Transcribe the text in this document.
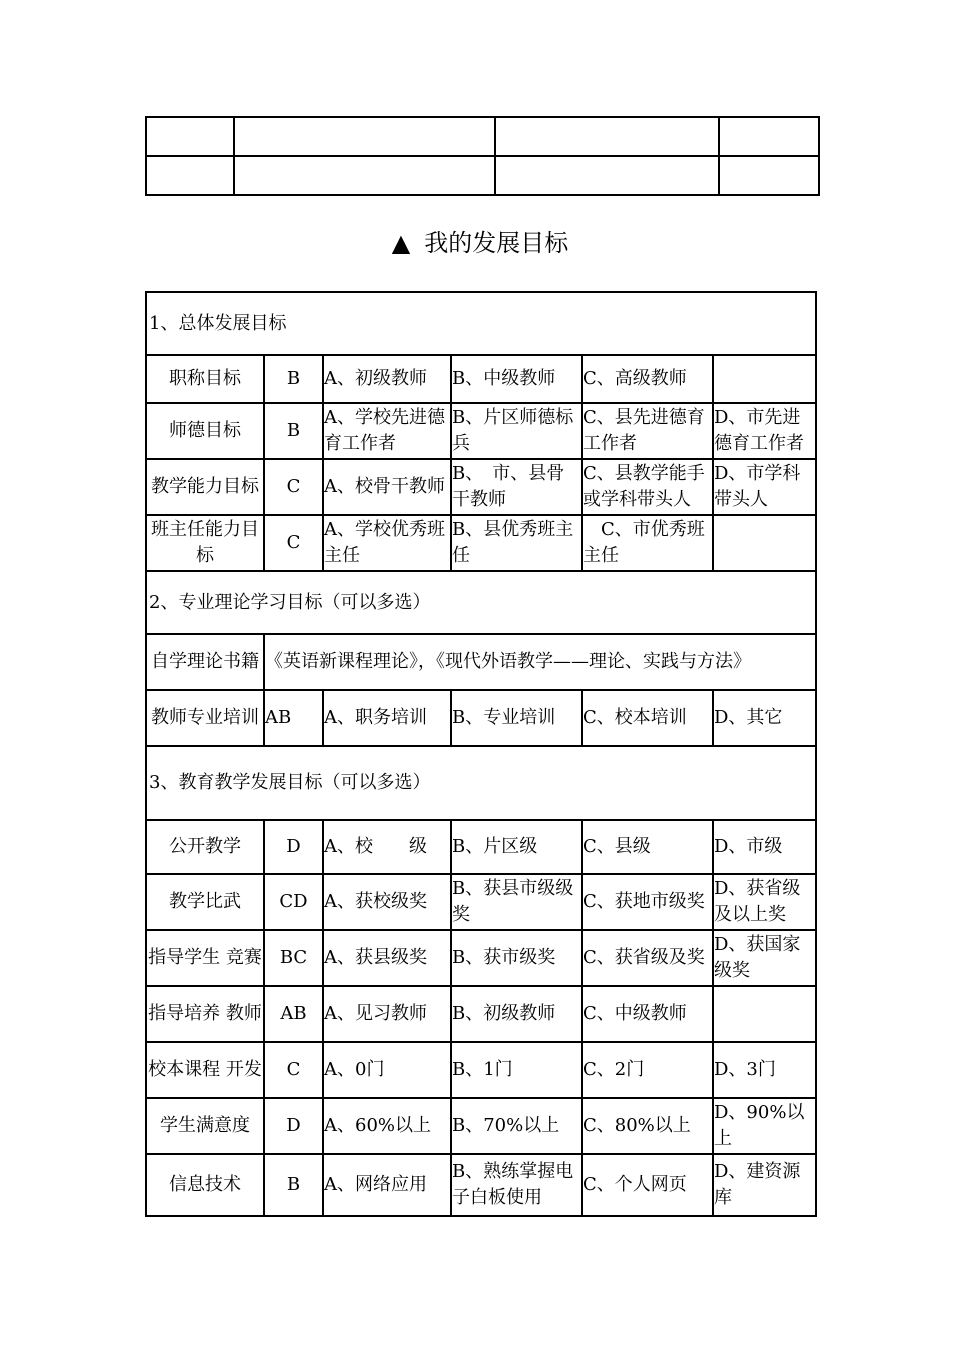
▲ 我的发展目标
1、总体发展目标					
职称目标	B	A、初级教师	B、中级教师	C、高级教师	
师德目标	B	A、学校先进德育工作者	B、片区师德标兵	C、县先进德育工作者	D、市先进德育工作者
教学能力目标	C	A、校骨干教师	B、　市、县骨干教师	C、县教学能手或学科带头人	D、市学科带头人
班主任能力目标	C	A、学校优秀班主任	B、县优秀班主任	　C、市优秀班主任	
2、专业理论学习目标（可以多选）					
自学理论书籍	《英语新课程理论》，《现代外语教学——理论、实践与方法》				
教师专业培训	AB	A、职务培训	B、专业培训	C、校本培训	D、其它
3、教育教学发展目标（可以多选）					
公开教学	D	A、校　　级	B、片区级	C、县级	D、市级
教学比武	CD	A、获校级奖	B、获县市级级奖	C、获地市级奖	D、获省级及以上奖
指导学生 竞赛	BC	A、获县级奖	B、获市级奖	C、获省级及奖	D、获国家级奖
指导培养 教师	AB	A、见习教师	B、初级教师	C、中级教师	
校本课程 开发	C	A、0门	B、1门	C、2门	D、3门
学生满意度	D	A、60%以上	B、70%以上	C、80%以上	D、90%以上
信息技术	B	A、网络应用	B、熟练掌握电子白板使用	C、个人网页	D、建资源库
